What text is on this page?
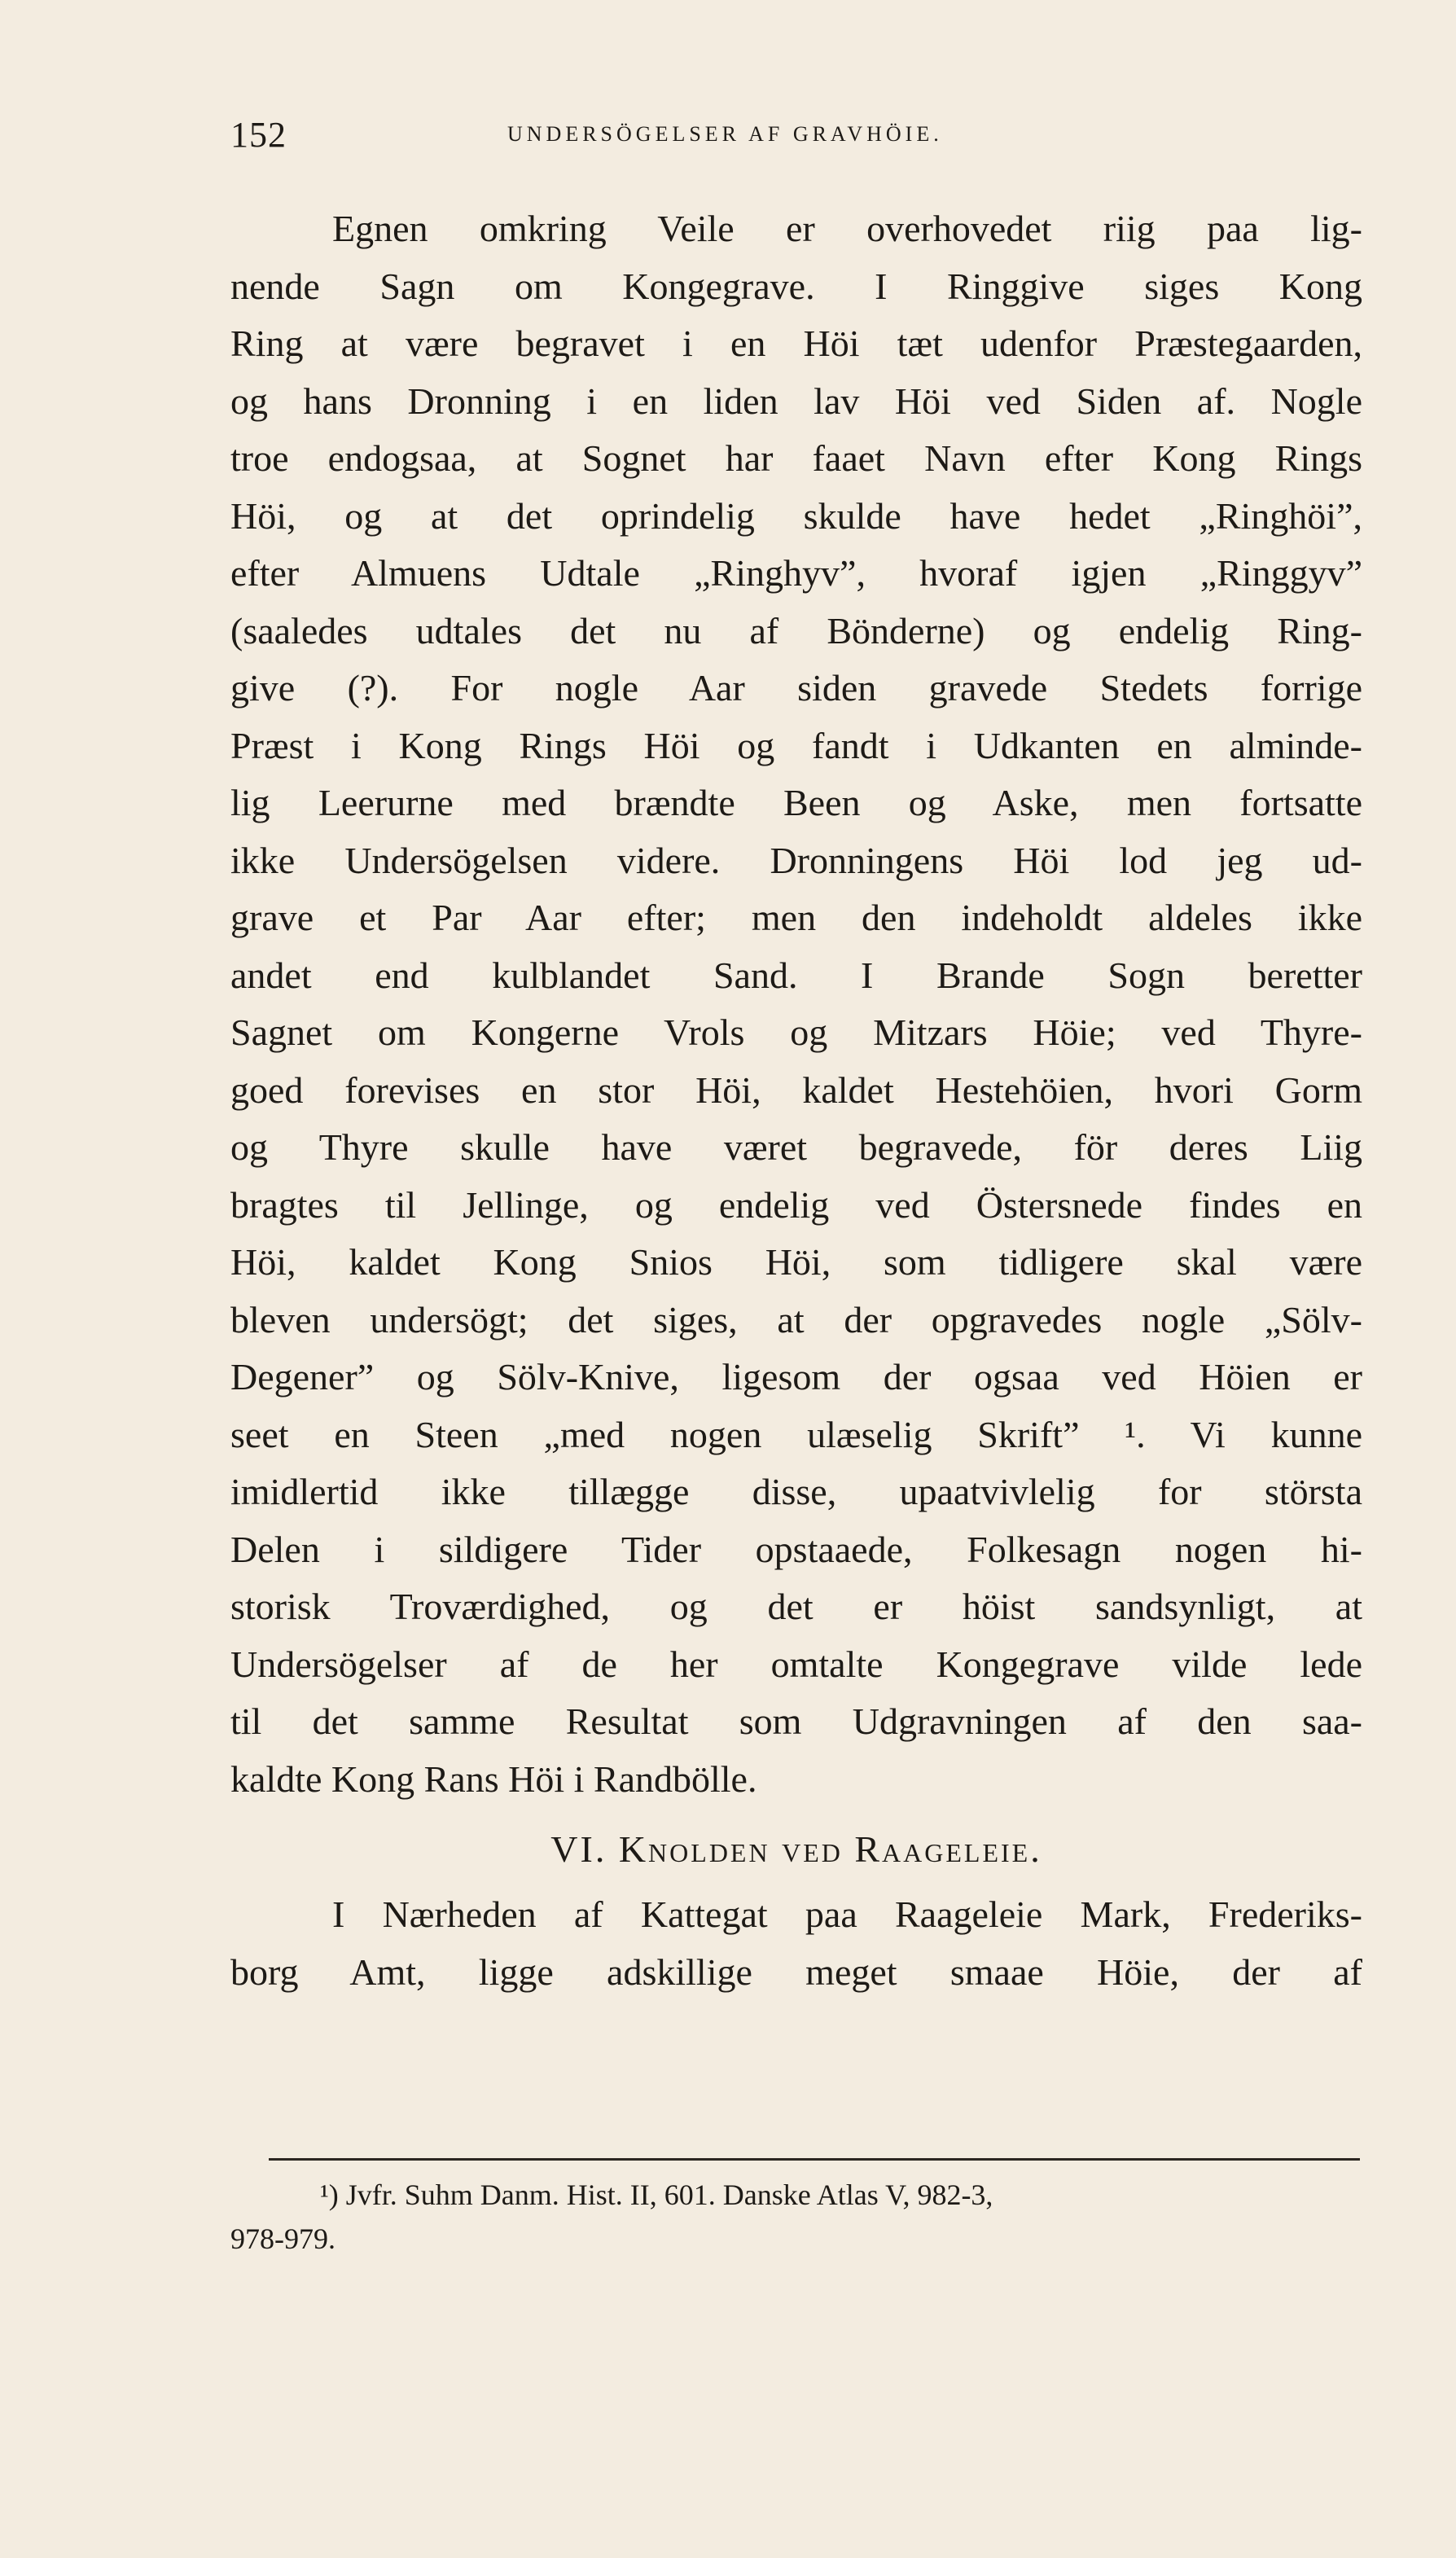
152	UNDERSÖGELSER AF GRAVHÖIE.
Egnen omkring Veile er overhovedet riig paa lig-
nende Sagn om Kongegrave. I Ringgive siges Kong
Ring at være begravet i en Höi tæt udenfor Præstegaarden,
og hans Dronning i en liden lav Höi ved Siden af. Nogle
troe endogsaa, at Sognet har faaet Navn efter Kong Rings
Höi, og at det oprindelig skulde have hedet „Ringhöi”,
efter Almuens Udtale „Ringhyv”, hvoraf igjen „Ringgyv”
(saaledes udtales det nu af Bönderne) og endelig Ring-
give (?). For nogle Aar siden gravede Stedets forrige
Præst i Kong Rings Höi og fandt i Udkanten en alminde-
lig Leerurne med brændte Been og Aske, men fortsatte
ikke Undersögelsen videre. Dronningens Höi lod jeg ud-
grave et Par Aar efter; men den indeholdt aldeles ikke
andet end kulblandet Sand. I Brande Sogn beretter
Sagnet om Kongerne Vrols og Mitzars Höie; ved Thyre-
goed forevises en stor Höi, kaldet Hestehöien, hvori Gorm
og Thyre skulle have været begravede, för deres Liig
bragtes til Jellinge, og endelig ved Östersnede findes en
Höi, kaldet Kong Snios Höi, som tidligere skal være
bleven undersögt; det siges, at der opgravedes nogle „Sölv-
Degener” og Sölv-Knive, ligesom der ogsaa ved Höien er
seet en Steen „med nogen ulæselig Skrift” ¹. Vi kunne
imidlertid ikke tillægge disse, upaatvivlelig for största
Delen i sildigere Tider opstaaede, Folkesagn nogen hi-
storisk Troværdighed, og det er höist sandsynligt, at
Undersögelser af de her omtalte Kongegrave vilde lede
til det samme Resultat som Udgravningen af den saa-
kaldte Kong Rans Höi i Randbölle.
VI. Knolden ved Raageleie.
I Nærheden af Kattegat paa Raageleie Mark, Frederiks-
borg Amt, ligge adskillige meget smaae Höie, der af
¹) Jvfr. Suhm Danm. Hist. II, 601. Danske Atlas V, 982-3,
978-979.
